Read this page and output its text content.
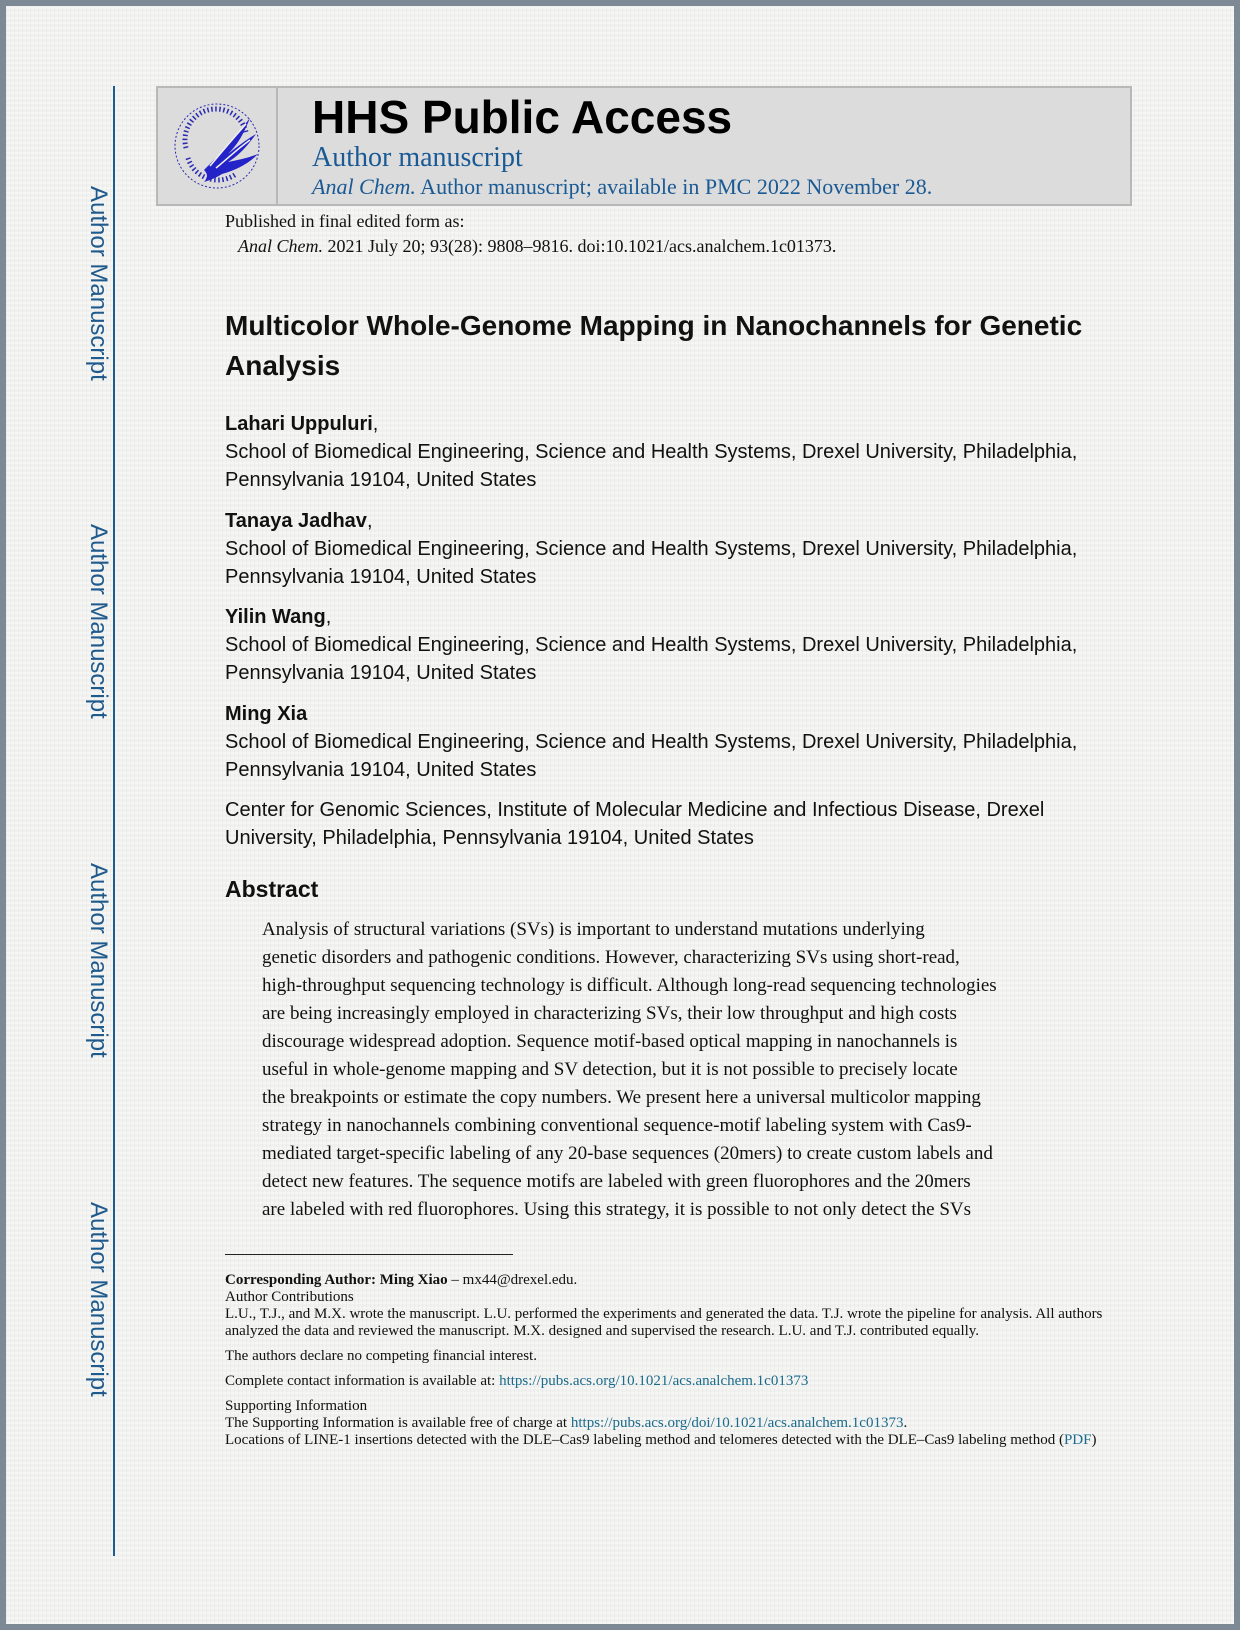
Author Manuscript
Author Manuscript
Author Manuscript
Author Manuscript
HHS Public Access
Author manuscript
Anal Chem. Author manuscript; available in PMC 2022 November 28.
Published in final edited form as:
Anal Chem. 2021 July 20; 93(28): 9808–9816. doi:10.1021/acs.analchem.1c01373.
Multicolor Whole-Genome Mapping in Nanochannels for Genetic Analysis
Lahari Uppuluri,
School of Biomedical Engineering, Science and Health Systems, Drexel University, Philadelphia, Pennsylvania 19104, United States
Tanaya Jadhav,
School of Biomedical Engineering, Science and Health Systems, Drexel University, Philadelphia, Pennsylvania 19104, United States
Yilin Wang,
School of Biomedical Engineering, Science and Health Systems, Drexel University, Philadelphia, Pennsylvania 19104, United States
Ming Xia
School of Biomedical Engineering, Science and Health Systems, Drexel University, Philadelphia, Pennsylvania 19104, United States
Center for Genomic Sciences, Institute of Molecular Medicine and Infectious Disease, Drexel University, Philadelphia, Pennsylvania 19104, United States
Abstract
Analysis of structural variations (SVs) is important to understand mutations underlying
genetic disorders and pathogenic conditions. However, characterizing SVs using short-read,
high-throughput sequencing technology is difficult. Although long-read sequencing technologies
are being increasingly employed in characterizing SVs, their low throughput and high costs
discourage widespread adoption. Sequence motif-based optical mapping in nanochannels is
useful in whole-genome mapping and SV detection, but it is not possible to precisely locate
the breakpoints or estimate the copy numbers. We present here a universal multicolor mapping
strategy in nanochannels combining conventional sequence-motif labeling system with Cas9-
mediated target-specific labeling of any 20-base sequences (20mers) to create custom labels and
detect new features. The sequence motifs are labeled with green fluorophores and the 20mers
are labeled with red fluorophores. Using this strategy, it is possible to not only detect the SVs

Corresponding Author: Ming Xiao – mx44@drexel.edu.

Author Contributions

L.U., T.J., and M.X. wrote the manuscript. L.U. performed the experiments and generated the data. T.J. wrote the pipeline for analysis. All authors analyzed the data and reviewed the manuscript. M.X. designed and supervised the research. L.U. and T.J. contributed equally.

The authors declare no competing financial interest.

Complete contact information is available at: https://pubs.acs.org/10.1021/acs.analchem.1c01373

Supporting Information

The Supporting Information is available free of charge at https://pubs.acs.org/doi/10.1021/acs.analchem.1c01373.

Locations of LINE-1 insertions detected with the DLE–Cas9 labeling method and telomeres detected with the DLE–Cas9 labeling method (PDF)
